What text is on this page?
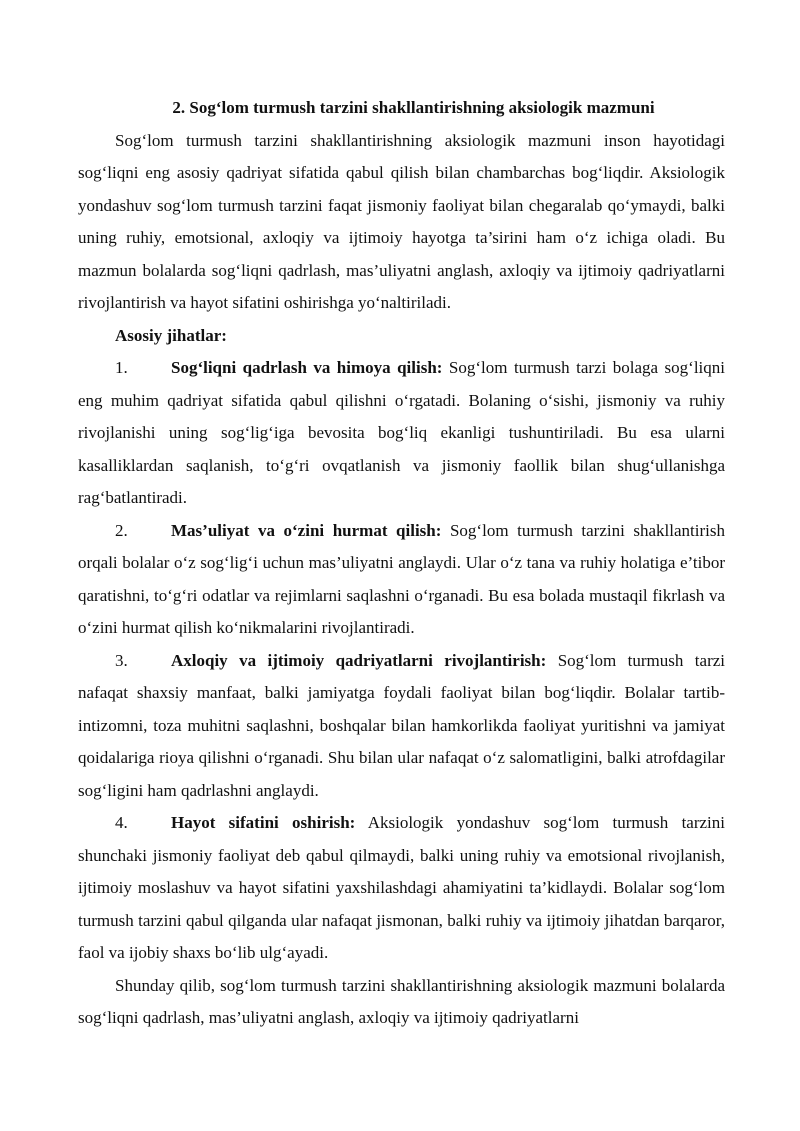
2. Sog‘lom turmush tarzini shakllantirishning aksiologik mazmuni

Sog‘lom turmush tarzini shakllantirishning aksiologik mazmuni inson hayotidagi sog‘liqni eng asosiy qadriyat sifatida qabul qilish bilan chambarchas bog‘liqdir. Aksiologik yondashuv sog‘lom turmush tarzini faqat jismoniy faoliyat bilan chegaralab qo‘ymaydi, balki uning ruhiy, emotsional, axloqiy va ijtimoiy hayotga ta’sirini ham o‘z ichiga oladi. Bu mazmun bolalarda sog‘liqni qadrlash, mas’uliyatni anglash, axloqiy va ijtimoiy qadriyatlarni rivojlantirish va hayot sifatini oshirishga yo‘naltiriladi.

Asosiy jihatlar:

1.	Sog‘liqni qadrlash va himoya qilish: Sog‘lom turmush tarzi bolaga sog‘liqni eng muhim qadriyat sifatida qabul qilishni o‘rgatadi. Bolaning o‘sishi, jismoniy va ruhiy rivojlanishi uning sog‘lig‘iga bevosita bog‘liq ekanligi tushuntiriladi. Bu esa ularni kasalliklardan saqlanish, to‘g‘ri ovqatlanish va jismoniy faollik bilan shug‘ullanishga rag‘batlantiradi.

2.	Mas’uliyat va o‘zini hurmat qilish: Sog‘lom turmush tarzini shakllantirish orqali bolalar o‘z sog‘lig‘i uchun mas’uliyatni anglaydi. Ular o‘z tana va ruhiy holatiga e’tibor qaratishni, to‘g‘ri odatlar va rejimlarni saqlashni o‘rganadi. Bu esa bolada mustaqil fikrlash va o‘zini hurmat qilish ko‘nikmalarini rivojlantiradi.

3.	Axloqiy va ijtimoiy qadriyatlarni rivojlantirish: Sog‘lom turmush tarzi nafaqat shaxsiy manfaat, balki jamiyatga foydali faoliyat bilan bog‘liqdir. Bolalar tartib-intizomni, toza muhitni saqlashni, boshqalar bilan hamkorlikda faoliyat yuritishni va jamiyat qoidalariga rioya qilishni o‘rganadi. Shu bilan ular nafaqat o‘z salomatligini, balki atrofdagilar sog‘ligini ham qadrlashni anglaydi.

4.	Hayot sifatini oshirish: Aksiologik yondashuv sog‘lom turmush tarzini shunchaki jismoniy faoliyat deb qabul qilmaydi, balki uning ruhiy va emotsional rivojlanish, ijtimoiy moslashuv va hayot sifatini yaxshilashdagi ahamiyatini ta’kidlaydi. Bolalar sog‘lom turmush tarzini qabul qilganda ular nafaqat jismonan, balki ruhiy va ijtimoiy jihatdan barqaror, faol va ijobiy shaxs bo‘lib ulg‘ayadi.

Shunday qilib, sog‘lom turmush tarzini shakllantirishning aksiologik mazmuni bolalarda sog‘liqni qadrlash, mas’uliyatni anglash, axloqiy va ijtimoiy qadriyatlarni
